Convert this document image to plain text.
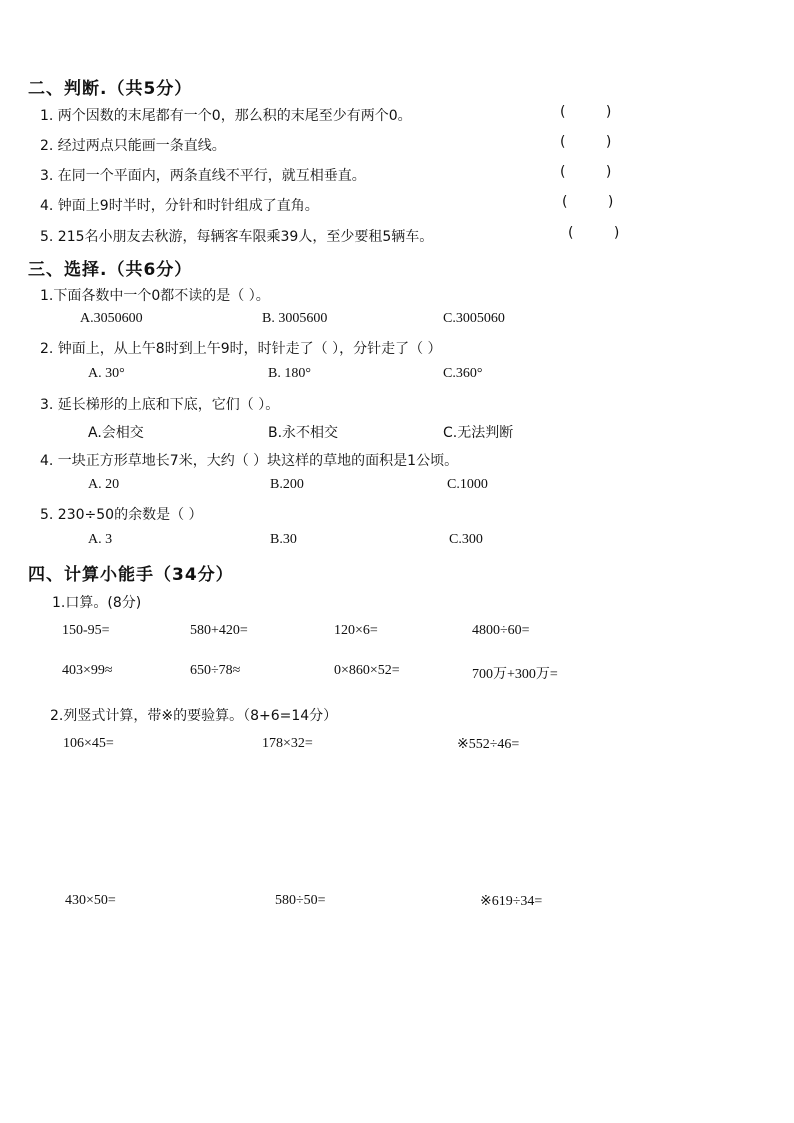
二、判断.（共5分）
1. 两个因数的末尾都有一个0，那么积的末尾至少有两个0。	( )
2. 经过两点只能画一条直线。	( )
3. 在同一个平面内，两条直线不平行，就互相垂直。	( )
4. 钟面上9时半时，分针和时针组成了直角。	( )
5. 215名小朋友去秋游，每辆客车限乘39人，至少要租5辆车。	( )
三、选择.（共6分）
1.下面各数中一个0都不读的是（ ）。
A.3050600	B. 3005600	C.3005060
2. 钟面上，从上午8时到上午9时，时针走了（ ），分针走了（ ）
A. 30°	B. 180°	C.360°
3. 延长梯形的上底和下底，它们（ ）。
A.会相交	B.永不相交	C.无法判断
4. 一块正方形草地长7米，大约（ ）块这样的草地的面积是1公顷。
A. 20	B.200	C.1000
5. 230÷50的余数是（ ）
A. 3	B.30	C.300
四、计算小能手（34分）
1.口算。(8分)
150-95=	580+420=	120×6=	4800÷60=
403×99≈	650÷78≈	0×860×52=	700万+300万=
2.列竖式计算，带※的要验算。（8+6=14分）
106×45=	178×32=	※552÷46=
430×50=	580÷50=	※619÷34=
